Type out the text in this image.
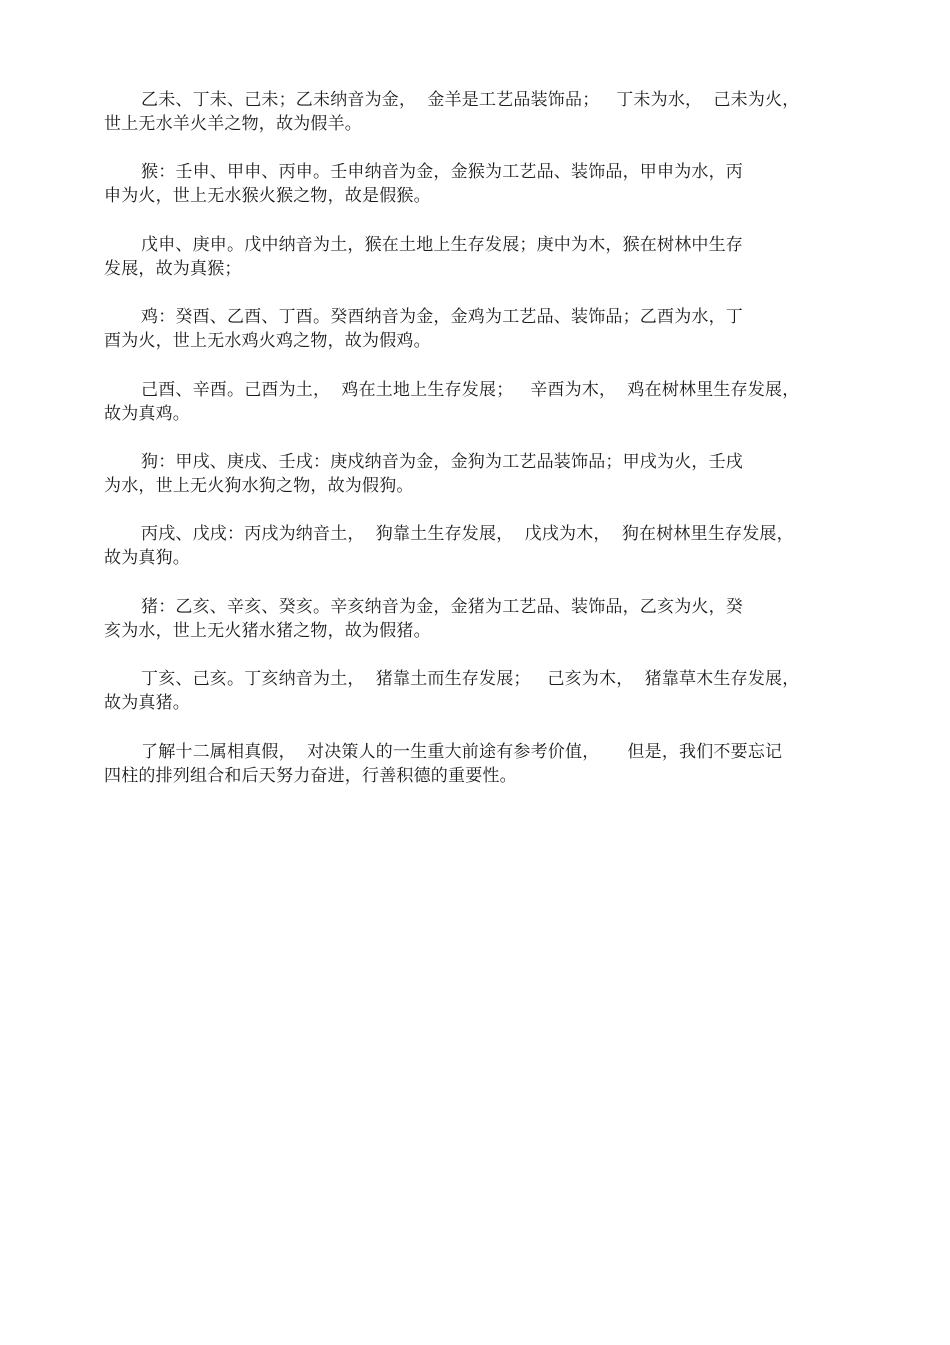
乙未、丁未、己未；乙未纳音为金，  金羊是工艺品装饰品；   丁未为水，  己未为火，
世上无水羊火羊之物，故为假羊。
猴：壬申、甲申、丙申。壬申纳音为金，金猴为工艺品、装饰品，甲申为水，丙
申为火，世上无水猴火猴之物，故是假猴。
戊申、庚申。戊中纳音为土，猴在土地上生存发展；庚中为木，猴在树林中生存
发展，故为真猴；
鸡：癸酉、乙酉、丁酉。癸酉纳音为金，金鸡为工艺品、装饰品；乙酉为水，丁
酉为火，世上无水鸡火鸡之物，故为假鸡。
己酉、辛酉。己酉为土，  鸡在土地上生存发展；   辛酉为木，  鸡在树林里生存发展，
故为真鸡。
狗：甲戌、庚戌、壬戌：庚戍纳音为金，金狗为工艺品装饰品；甲戌为火，壬戌
为水，世上无火狗水狗之物，故为假狗。
丙戌、戊戌：丙戌为纳音土，  狗靠土生存发展，  戊戌为木，  狗在树林里生存发展，
故为真狗。
猪：乙亥、辛亥、癸亥。辛亥纳音为金，金猪为工艺品、装饰品，乙亥为火，癸
亥为水，世上无火猪水猪之物，故为假猪。
丁亥、己亥。丁亥纳音为土，  猪靠土而生存发展；   己亥为木，  猪靠草木生存发展，
故为真猪。
了解十二属相真假，  对决策人的一生重大前途有参考价值，     但是，我们不要忘记
四柱的排列组合和后天努力奋进，行善积德的重要性。
